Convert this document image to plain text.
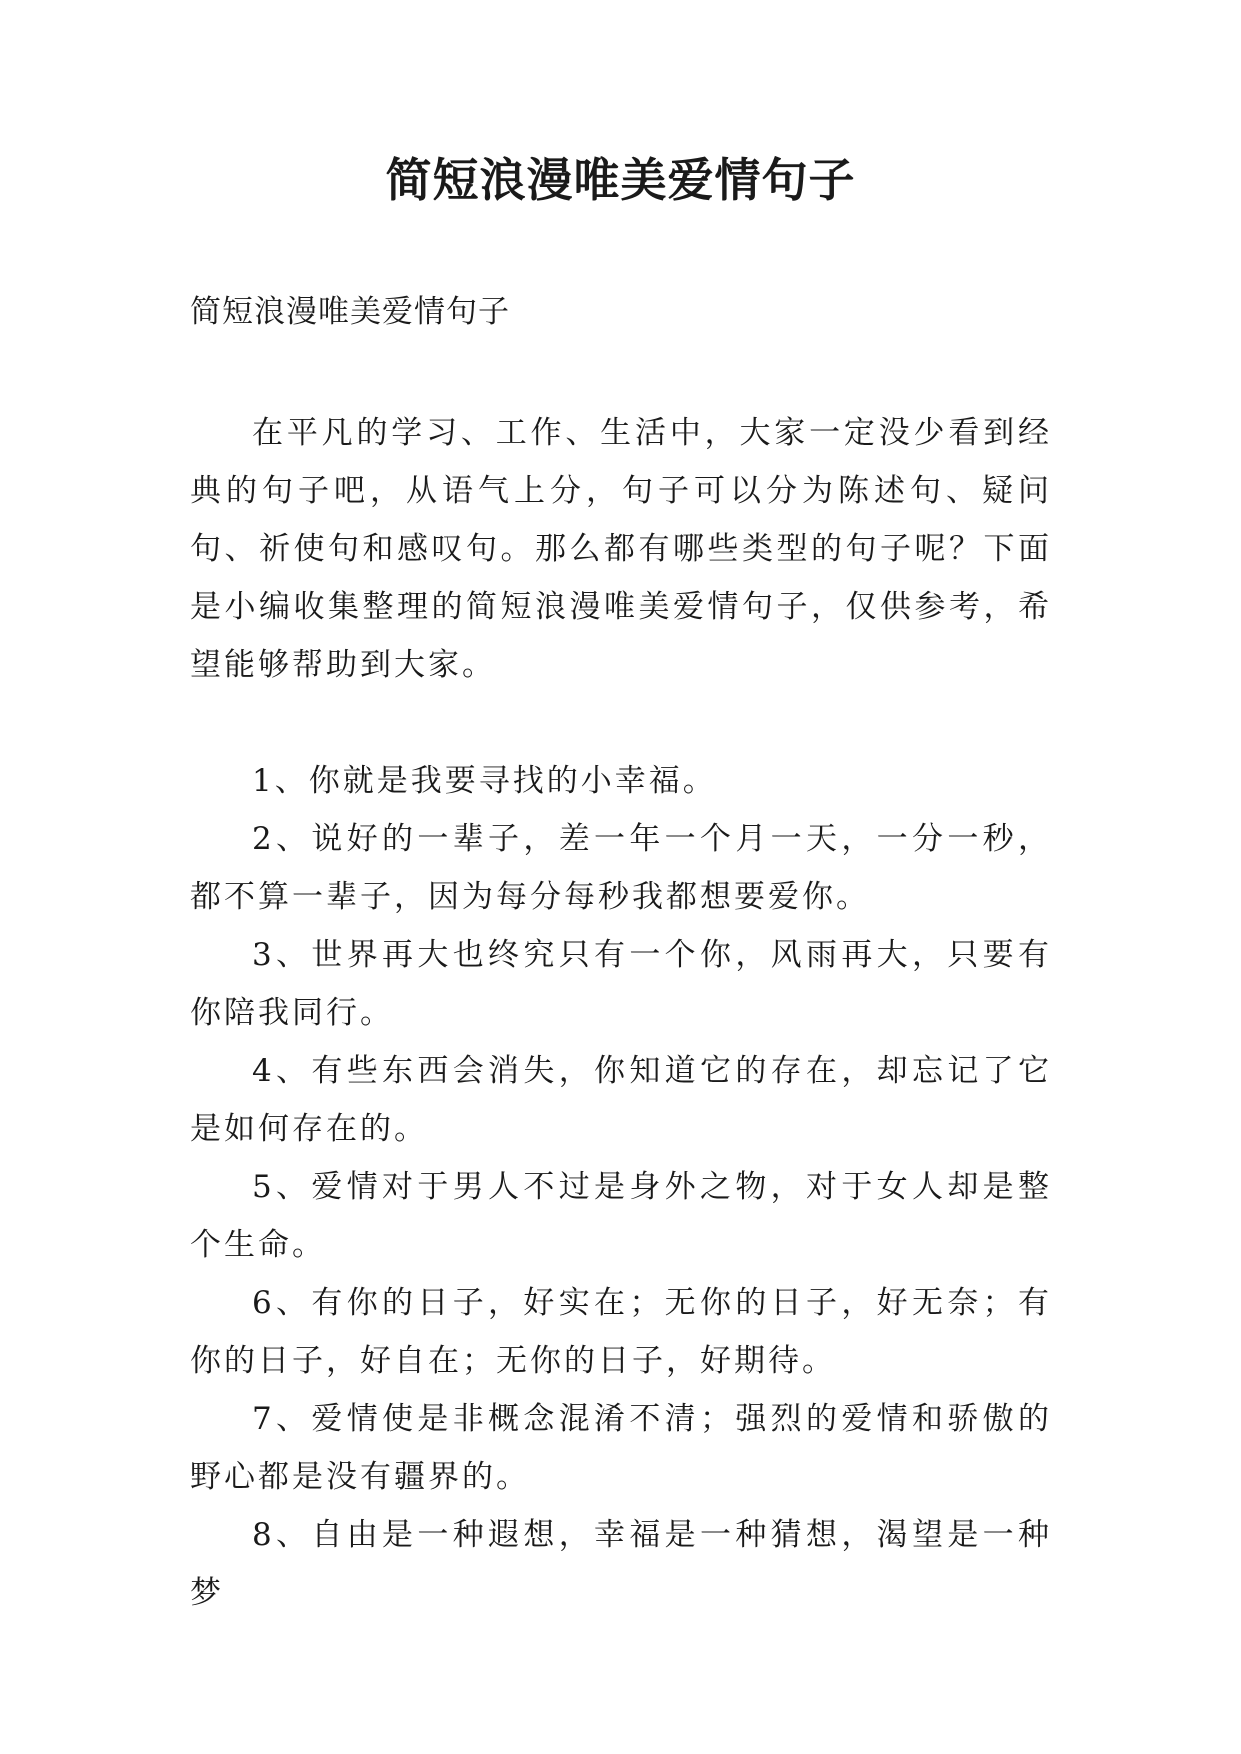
简短浪漫唯美爱情句子

简短浪漫唯美爱情句子

在平凡的学习、工作、生活中，大家一定没少看到经典的句子吧，从语气上分，句子可以分为陈述句、疑问句、祈使句和感叹句。那么都有哪些类型的句子呢？下面是小编收集整理的简短浪漫唯美爱情句子，仅供参考，希望能够帮助到大家。

1、你就是我要寻找的小幸福。
2、说好的一辈子，差一年一个月一天，一分一秒，都不算一辈子，因为每分每秒我都想要爱你。
3、世界再大也终究只有一个你，风雨再大，只要有你陪我同行。
4、有些东西会消失，你知道它的存在，却忘记了它是如何存在的。
5、爱情对于男人不过是身外之物，对于女人却是整个生命。
6、有你的日子，好实在；无你的日子，好无奈；有你的日子，好自在；无你的日子，好期待。
7、爱情使是非概念混淆不清；强烈的爱情和骄傲的野心都是没有疆界的。
8、自由是一种遐想，幸福是一种猜想，渴望是一种梦
